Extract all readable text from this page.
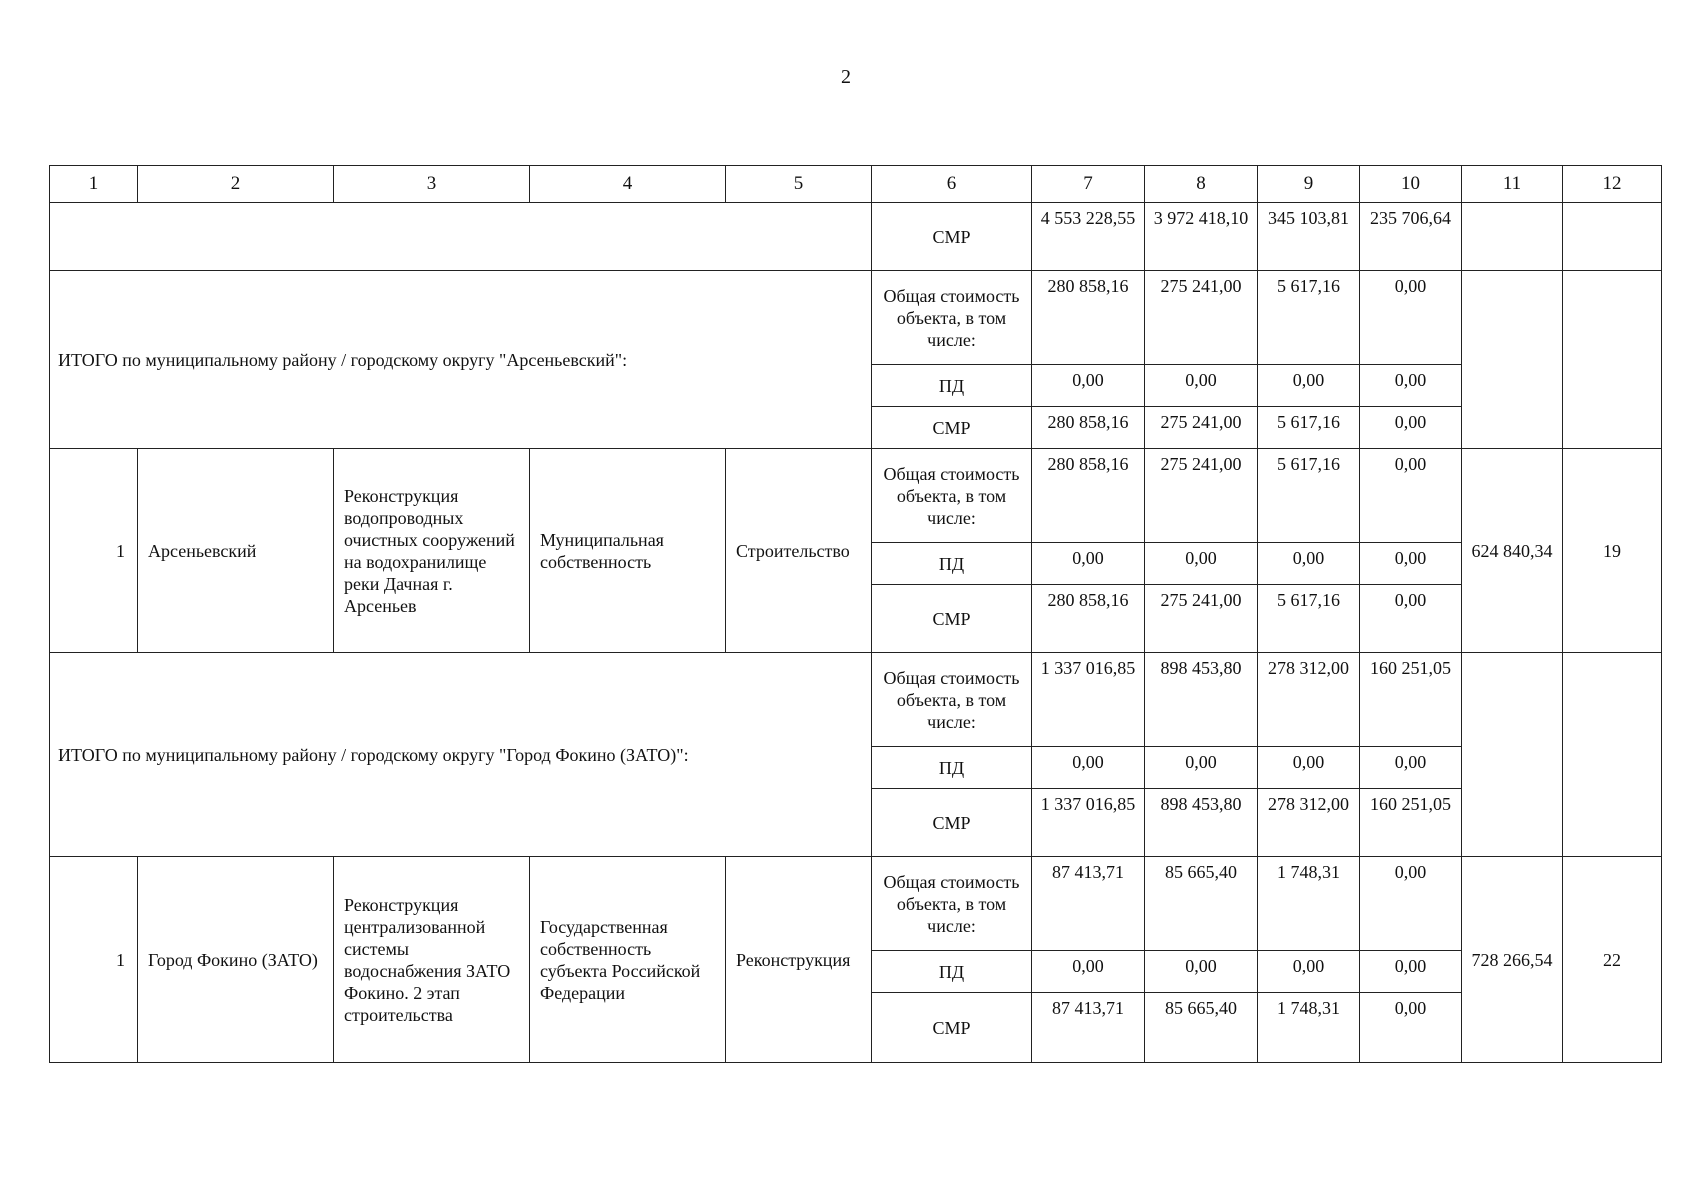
2
1	2	3	4	5	6	7	8	9	10	11	12
					СМР	4 553 228,55	3 972 418,10	345 103,81	235 706,64		
ИТОГО по муниципальному району / городскому округу "Арсеньевский":					Общая стоимость объекта, в том числе:	280 858,16	275 241,00	5 617,16	0,00		
					ПД	0,00	0,00	0,00	0,00		
					СМР	280 858,16	275 241,00	5 617,16	0,00		
1	Арсеньевский	Реконструкция водопроводных очистных сооружений на водохранилище реки Дачная г. Арсеньев	Муниципальная собственность	Строительство	Общая стоимость объекта, в том числе:	280 858,16	275 241,00	5 617,16	0,00	624 840,34	19
					ПД	0,00	0,00	0,00	0,00		
					СМР	280 858,16	275 241,00	5 617,16	0,00		
ИТОГО по муниципальному району / городскому округу "Город Фокино (ЗАТО)":					Общая стоимость объекта, в том числе:	1 337 016,85	898 453,80	278 312,00	160 251,05		
					ПД	0,00	0,00	0,00	0,00		
					СМР	1 337 016,85	898 453,80	278 312,00	160 251,05		
1	Город Фокино (ЗАТО)	Реконструкция централизованной системы водоснабжения ЗАТО Фокино. 2 этап строительства	Государственная собственность субъекта Российской Федерации	Реконструкция	Общая стоимость объекта, в том числе:	87 413,71	85 665,40	1 748,31	0,00	728 266,54	22
					ПД	0,00	0,00	0,00	0,00		
					СМР	87 413,71	85 665,40	1 748,31	0,00		
